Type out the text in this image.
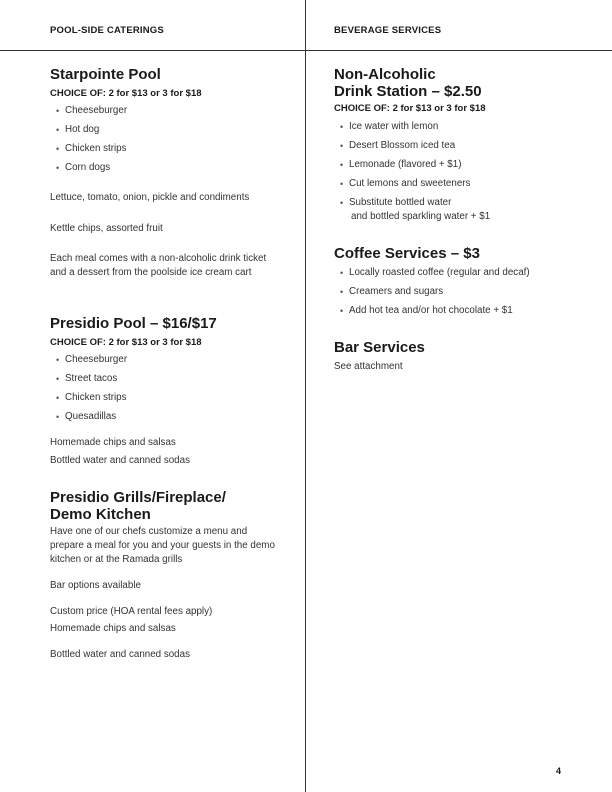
POOL-SIDE CATERINGS
Starpointe Pool
CHOICE OF: 2 for $13 or 3 for $18
• Cheeseburger
• Hot dog
• Chicken strips
• Corn dogs
Lettuce, tomato, onion, pickle and condiments
Kettle chips, assorted fruit
Each meal comes with a non-alcoholic drink ticket and a dessert from the poolside ice cream cart
Presidio Pool – $16/$17
CHOICE OF: 2 for $13 or 3 for $18
• Cheeseburger
• Street tacos
• Chicken strips
• Quesadillas
Homemade chips and salsas
Bottled water and canned sodas
Presidio Grills/Fireplace/
Demo Kitchen
Have one of our chefs customize a menu and prepare a meal for you and your guests in the demo kitchen or at the Ramada grills
Bar options available
Custom price (HOA rental fees apply)
Homemade chips and salsas
Bottled water and canned sodas
BEVERAGE SERVICES
Non-Alcoholic
Drink Station – $2.50
CHOICE OF: 2 for $13 or 3 for $18
• Ice water with lemon
• Desert Blossom iced tea
• Lemonade (flavored + $1)
• Cut lemons and sweeteners
• Substitute bottled water
and bottled sparkling water + $1
Coffee Services – $3
• Locally roasted coffee (regular and decaf)
• Creamers and sugars
• Add hot tea and/or hot chocolate + $1
Bar Services
See attachment
4
